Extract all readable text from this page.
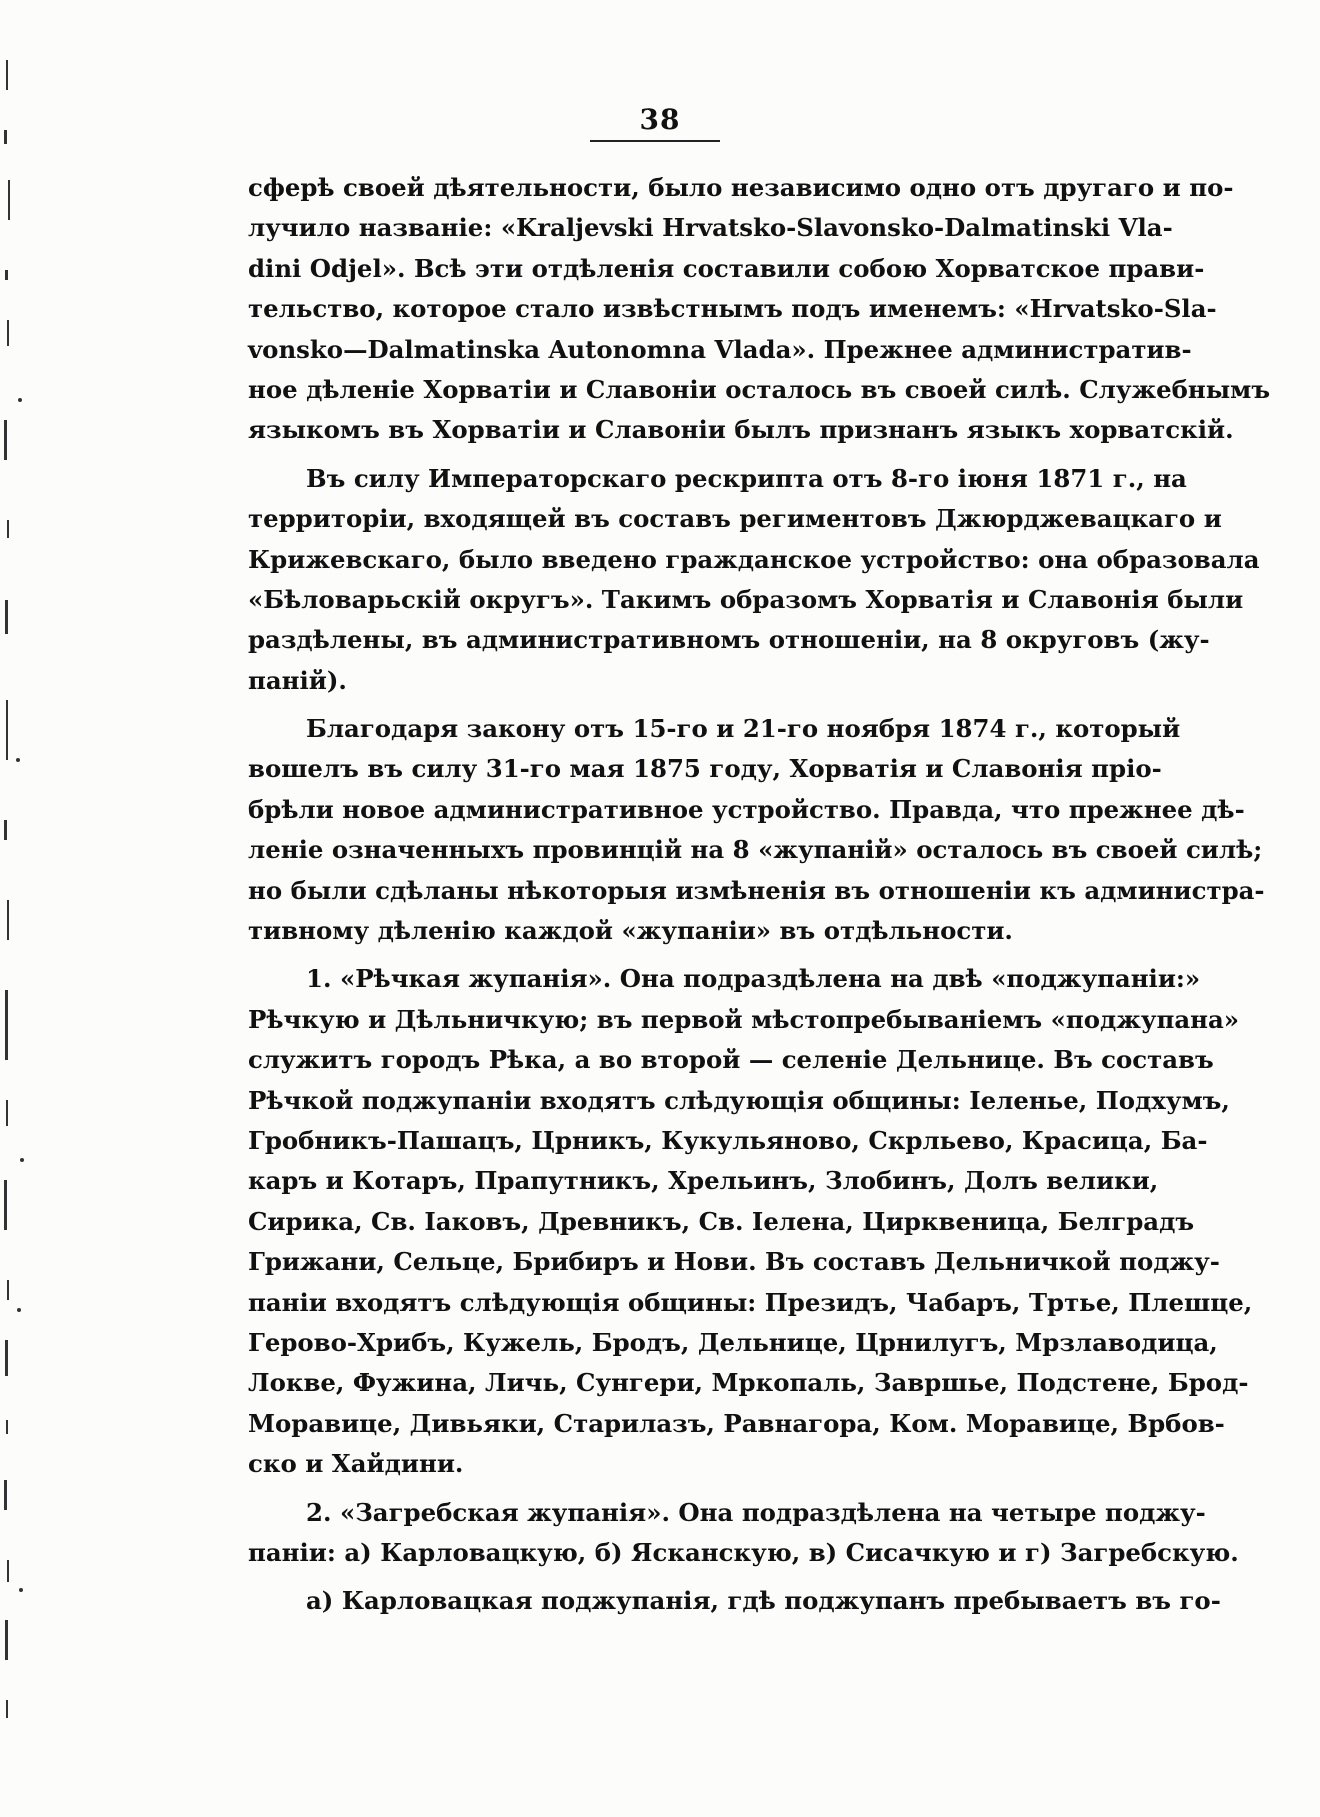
38
сферѣ своей дѣятельности, было независимо одно отъ другаго и по-
лучило названіе: «Kraljevski Hrvatsko-Slavonsko-Dalmatinski Vla-
dini Odjel». Всѣ эти отдѣленія составили собою Хорватское прави-
тельство, которое стало извѣстнымъ подъ именемъ: «Hrvatsko-Sla-
vonsko—Dalmatinska Autonomna Vlada». Прежнее административ-
ное дѣленіе Хорватіи и Славоніи осталось въ своей силѣ. Служебнымъ
языкомъ въ Хорватіи и Славоніи былъ признанъ языкъ хорватскій.
Въ силу Императорскаго рескрипта отъ 8-го іюня 1871 г., на
территоріи, входящей въ составъ региментовъ Джюрджевацкаго и
Крижевскаго, было введено гражданское устройство: она образовала
«Бѣловарьскій округъ». Такимъ образомъ Хорватія и Славонія были
раздѣлены, въ административномъ отношеніи, на 8 округовъ (жу-
паній).
Благодаря закону отъ 15-го и 21-го ноября 1874 г., который
вошелъ въ силу 31-го мая 1875 году, Хорватія и Славонія пріо-
брѣли новое административное устройство. Правда, что прежнее дѣ-
леніе означенныхъ провинцій на 8 «жупаній» осталось въ своей силѣ;
но были сдѣланы нѣкоторыя измѣненія въ отношеніи къ администра-
тивному дѣленію каждой «жупаніи» въ отдѣльности.
1. «Рѣчкая жупанія». Она подраздѣлена на двѣ «поджупаніи:»
Рѣчкую и Дѣльничкую; въ первой мѣстопребываніемъ «поджупана»
служитъ городъ Рѣка, а во второй — селеніе Дельнице. Въ составъ
Рѣчкой поджупаніи входятъ слѣдующія общины: Іеленье, Подхумъ,
Гробникъ-Пашацъ, Црникъ, Кукульяново, Скрльево, Красица, Ба-
каръ и Котаръ, Прапутникъ, Хрельинъ, Злобинъ, Долъ велики,
Сирика, Св. Іаковъ, Древникъ, Св. Іелена, Цирквеница, Белградъ
Грижани, Сельце, Брибиръ и Нови. Въ составъ Дельничкой поджу-
паніи входятъ слѣдующія общины: Президъ, Чабаръ, Тртье, Плешце,
Герово-Хрибъ, Кужель, Бродъ, Дельнице, Црнилугъ, Мрзлаводица,
Локве, Фужина, Личь, Сунгери, Мркопаль, Завршье, Подстене, Брод-
Моравице, Дивьяки, Старилазъ, Равнагора, Ком. Моравице, Врбов-
ско и Хайдини.
2. «Загребская жупанія». Она подраздѣлена на четыре поджу-
паніи: а) Карловацкую, б) Ясканскую, в) Сисачкую и г) Загребскую.
а) Карловацкая поджупанія, гдѣ поджупанъ пребываетъ въ го-
